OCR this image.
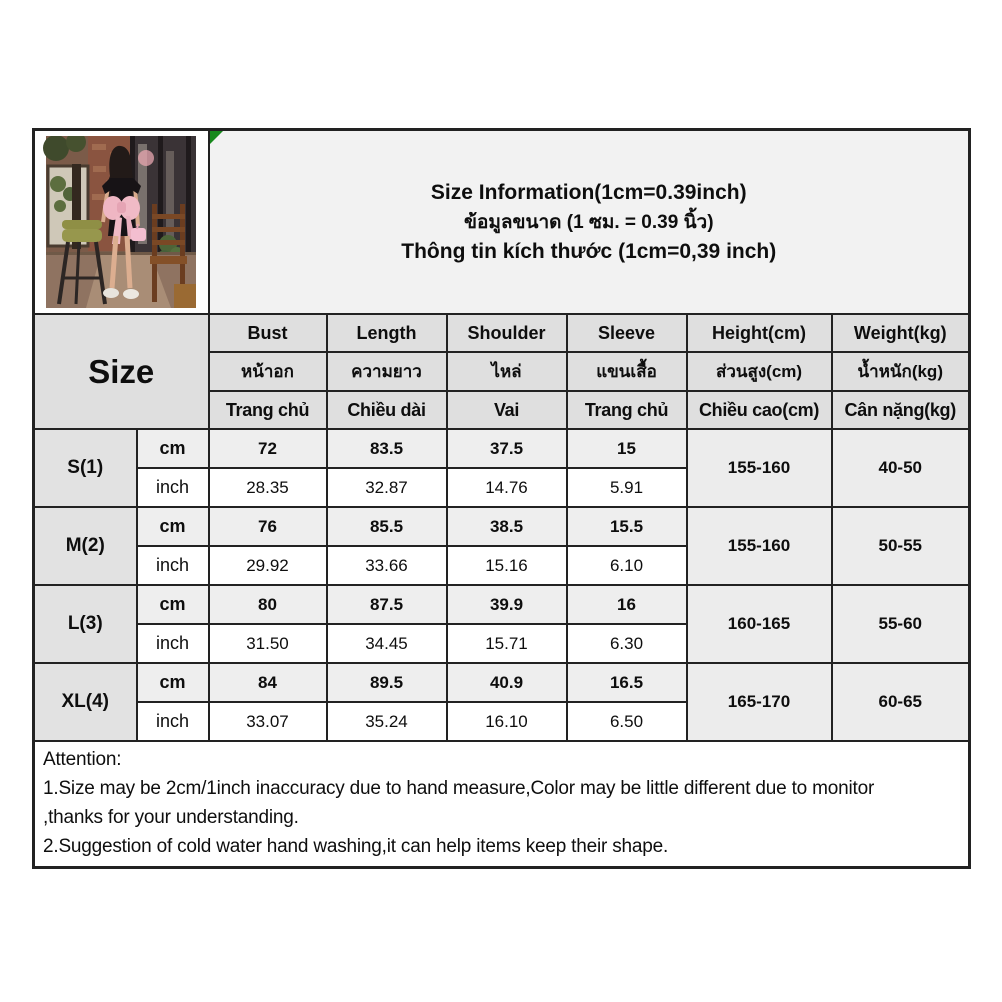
Size Information(1cm=0.39inch)
ข้อมูลขนาด (1 ซม. = 0.39 นิ้ว)
Thông tin kích thước (1cm=0,39 inch)					

Size		Bust	Length	Shoulder	Sleeve	Height(cm)	Weight(kg)
		หน้าอก	ความยาว	ไหล่	แขนเสื้อ	ส่วนสูง(cm)	น้ำหนัก(kg)
		Trang chủ	Chiều dài	Vai	Trang chủ	Chiều cao(cm)	Cân nặng(kg)
S(1)	cm	72	83.5	37.5	15	155-160	40-50
	inch	28.35	32.87	14.76	5.91		
M(2)	cm	76	85.5	38.5	15.5	155-160	50-55
	inch	29.92	33.66	15.16	6.10		
L(3)	cm	80	87.5	39.9	16	160-165	55-60
	inch	31.50	34.45	15.71	6.30		
XL(4)	cm	84	89.5	40.9	16.5	165-170	60-65
	inch	33.07	35.24	16.10	6.50		

Attention:
1.Size may be 2cm/1inch inaccuracy due to hand measure,Color may be little different due to monitor
,thanks for your understanding.
2.Suggestion of cold water hand washing,it can help items keep their shape.							
